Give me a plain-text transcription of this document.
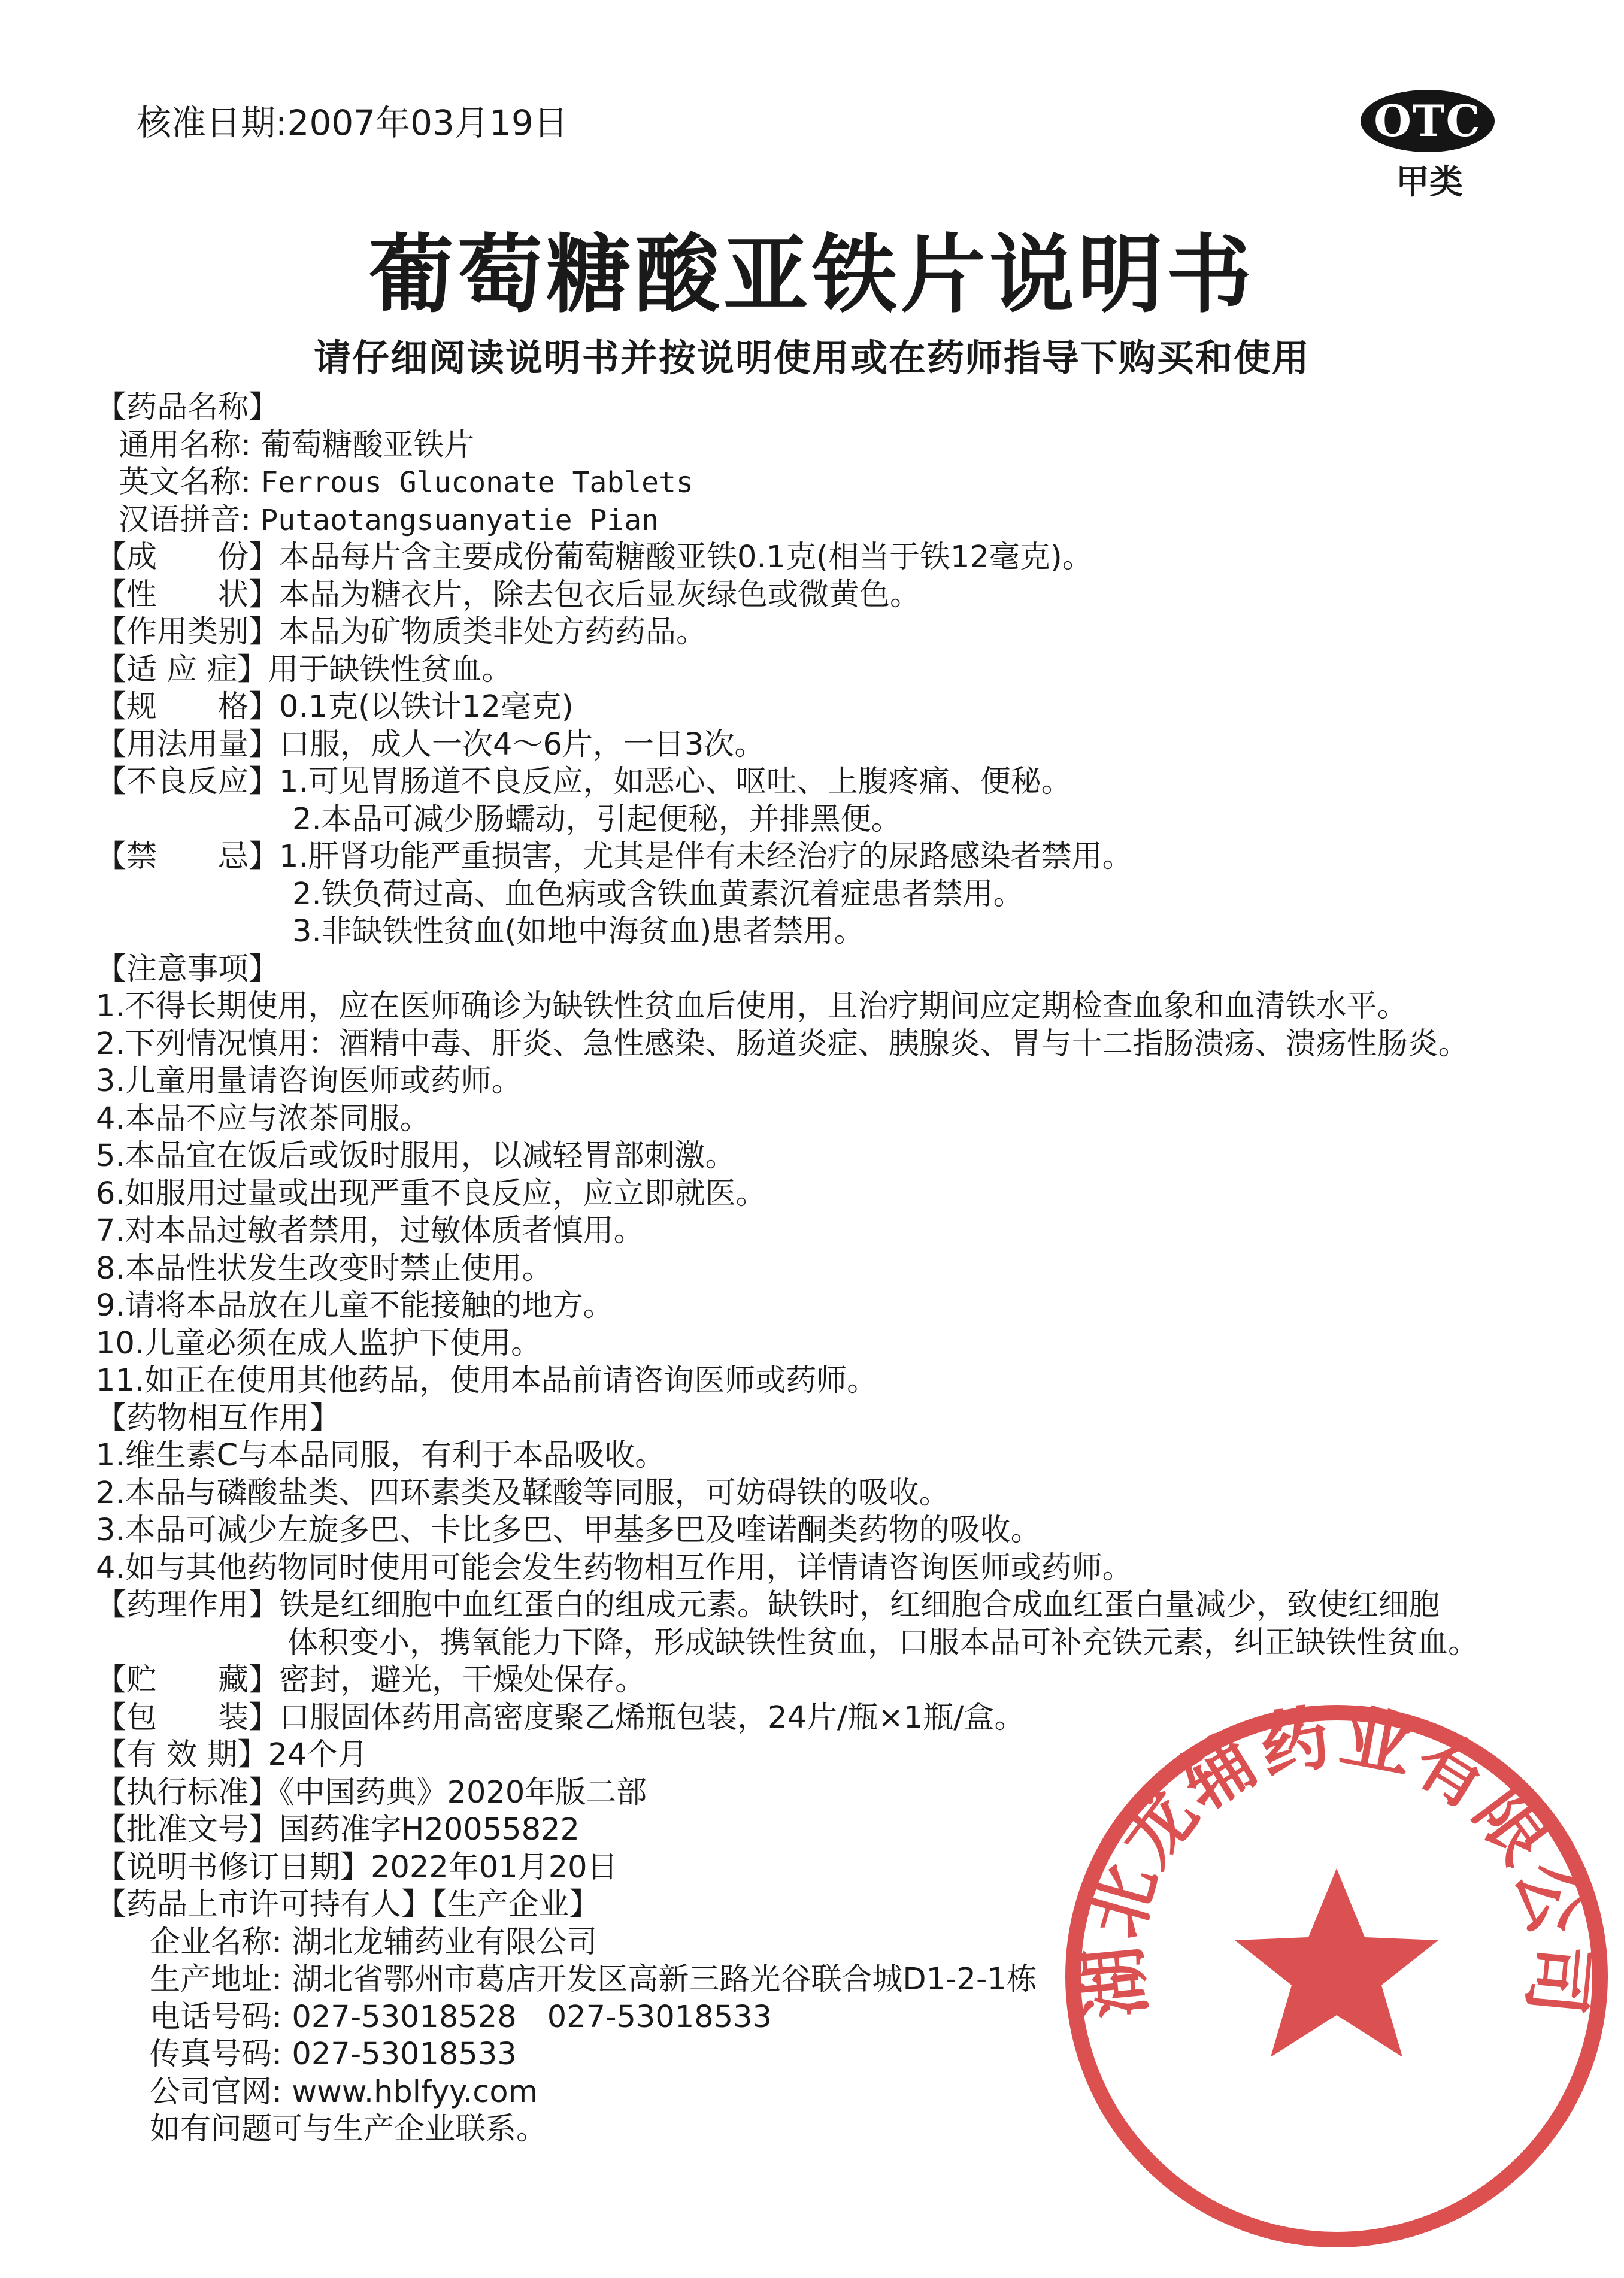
核准日期:2007年03月19日	OTC
甲类
葡萄糖酸亚铁片说明书
请仔细阅读说明书并按说明使用或在药师指导下购买和使用
【药品名称】
通用名称: 葡萄糖酸亚铁片
英文名称: Ferrous Gluconate Tablets
汉语拼音: Putaotangsuanyatie Pian
【成　　份】本品每片含主要成份葡萄糖酸亚铁0.1克(相当于铁12毫克)。
【性　　状】本品为糖衣片，除去包衣后显灰绿色或微黄色。
【作用类别】本品为矿物质类非处方药药品。
【适 应 症】用于缺铁性贫血。
【规　　格】0.1克(以铁计12毫克)
【用法用量】口服，成人一次4～6片，一日3次。
【不良反应】1.可见胃肠道不良反应，如恶心、呕吐、上腹疼痛、便秘。
2.本品可减少肠蠕动，引起便秘，并排黑便。
【禁　　忌】1.肝肾功能严重损害，尤其是伴有未经治疗的尿路感染者禁用。
2.铁负荷过高、血色病或含铁血黄素沉着症患者禁用。
3.非缺铁性贫血(如地中海贫血)患者禁用。
【注意事项】
1.不得长期使用，应在医师确诊为缺铁性贫血后使用，且治疗期间应定期检查血象和血清铁水平。
2.下列情况慎用：酒精中毒、肝炎、急性感染、肠道炎症、胰腺炎、胃与十二指肠溃疡、溃疡性肠炎。
3.儿童用量请咨询医师或药师。
4.本品不应与浓茶同服。
5.本品宜在饭后或饭时服用，以减轻胃部刺激。
6.如服用过量或出现严重不良反应，应立即就医。
7.对本品过敏者禁用，过敏体质者慎用。
8.本品性状发生改变时禁止使用。
9.请将本品放在儿童不能接触的地方。
10.儿童必须在成人监护下使用。
11.如正在使用其他药品，使用本品前请咨询医师或药师。
【药物相互作用】
1.维生素C与本品同服，有利于本品吸收。
2.本品与磷酸盐类、四环素类及鞣酸等同服，可妨碍铁的吸收。
3.本品可减少左旋多巴、卡比多巴、甲基多巴及喹诺酮类药物的吸收。
4.如与其他药物同时使用可能会发生药物相互作用，详情请咨询医师或药师。
【药理作用】铁是红细胞中血红蛋白的组成元素。缺铁时，红细胞合成血红蛋白量减少，致使红细胞
体积变小，携氧能力下降，形成缺铁性贫血，口服本品可补充铁元素，纠正缺铁性贫血。
【贮　　藏】密封，避光，干燥处保存。
【包　　装】口服固体药用高密度聚乙烯瓶包装，24片/瓶×1瓶/盒。
【有 效 期】24个月
【执行标准】《中国药典》2020年版二部
【批准文号】国药准字H20055822
【说明书修订日期】2022年01月20日
【药品上市许可持有人】【生产企业】
企业名称: 湖北龙辅药业有限公司
生产地址: 湖北省鄂州市葛店开发区高新三路光谷联合城D1-2-1栋
电话号码: 027-53018528　027-53018533
传真号码: 027-53018533
公司官网: www.hblfyy.com
如有问题可与生产企业联系。
湖北龙辅药业有限公司
